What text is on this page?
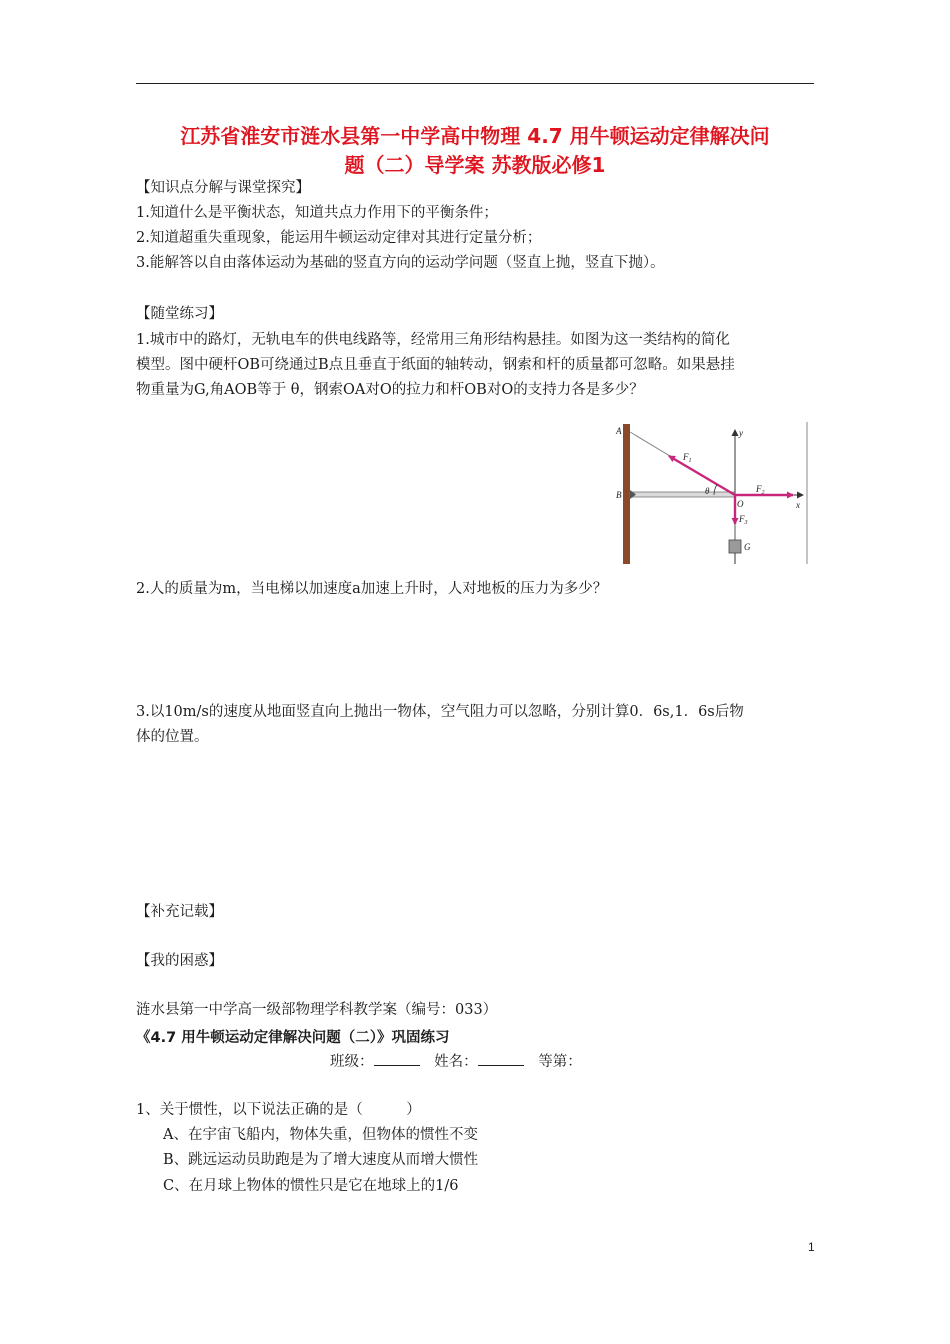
江苏省淮安市涟水县第一中学高中物理 4.7 用牛顿运动定律解决问
题（二）导学案 苏教版必修1
【知识点分解与课堂探究】
1.知道什么是平衡状态，知道共点力作用下的平衡条件；
2.知道超重失重现象，能运用牛顿运动定律对其进行定量分析；
3.能解答以自由落体运动为基础的竖直方向的运动学问题（竖直上抛，竖直下抛）。
【随堂练习】
1.城市中的路灯，无轨电车的供电线路等，经常用三角形结构悬挂。如图为这一类结构的简化
模型。图中硬杆OB可绕通过B点且垂直于纸面的轴转动，钢索和杆的质量都可忽略。如果悬挂
物重量为G,角AOB等于 θ，钢索OA对O的拉力和杆OB对O的支持力各是多少？
A
B
O
y
x
θ
G
$F_1$
$F_2$
$F_3$
2.人的质量为m，当电梯以加速度a加速上升时，人对地板的压力为多少？
3.以10m/s的速度从地面竖直向上抛出一物体，空气阻力可以忽略，分别计算0．6s,1．6s后物
体的位置。
【补充记载】
【我的困惑】
涟水县第一中学高一级部物理学科教学案（编号：033）
《4.7 用牛顿运动定律解决问题（二）》巩固练习
班级：	姓名：	等第：
1、关于惯性，以下说法正确的是（　　　）
A、在宇宙飞船内，物体失重，但物体的惯性不变
B、跳远运动员助跑是为了增大速度从而增大惯性
C、在月球上物体的惯性只是它在地球上的1/6
1
